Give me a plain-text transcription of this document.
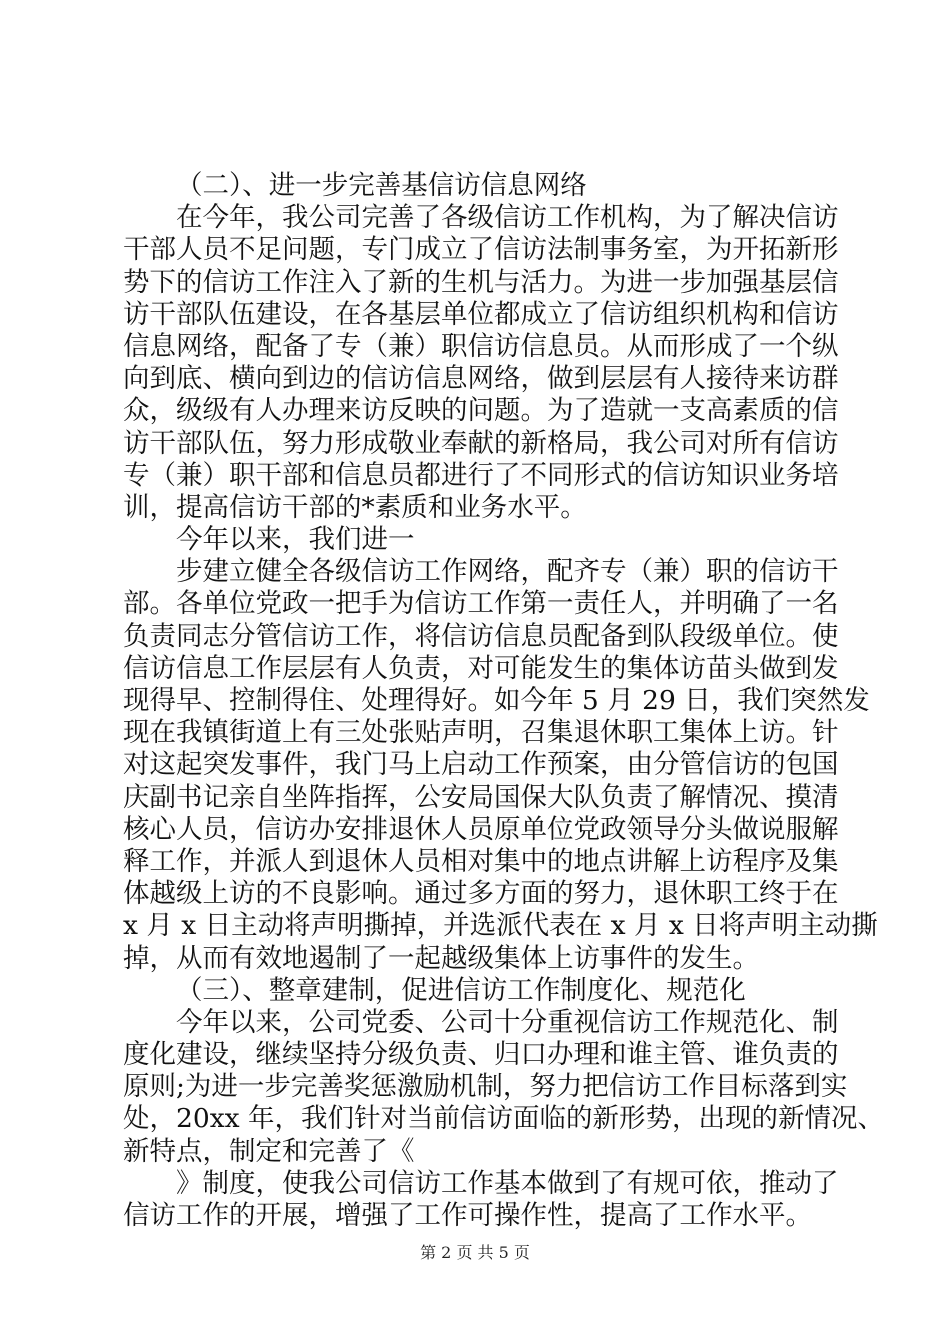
（二）、进一步完善基信访信息网络
在今年，我公司完善了各级信访工作机构，为了解决信访
干部人员不足问题，专门成立了信访法制事务室，为开拓新形
势下的信访工作注入了新的生机与活力。为进一步加强基层信
访干部队伍建设，在各基层单位都成立了信访组织机构和信访
信息网络，配备了专（兼）职信访信息员。从而形成了一个纵
向到底、横向到边的信访信息网络，做到层层有人接待来访群
众，级级有人办理来访反映的问题。为了造就一支高素质的信
访干部队伍，努力形成敬业奉献的新格局，我公司对所有信访
专（兼）职干部和信息员都进行了不同形式的信访知识业务培
训，提高信访干部的*素质和业务水平。
今年以来，我们进一
步建立健全各级信访工作网络，配齐专（兼）职的信访干
部。各单位党政一把手为信访工作第一责任人，并明确了一名
负责同志分管信访工作，将信访信息员配备到队段级单位。使
信访信息工作层层有人负责，对可能发生的集体访苗头做到发
现得早、控制得住、处理得好。如今年 5 月 29 日，我们突然发
现在我镇街道上有三处张贴声明，召集退休职工集体上访。针
对这起突发事件，我门马上启动工作预案，由分管信访的包国
庆副书记亲自坐阵指挥，公安局国保大队负责了解情况、摸清
核心人员，信访办安排退休人员原单位党政领导分头做说服解
释工作，并派人到退休人员相对集中的地点讲解上访程序及集
体越级上访的不良影响。通过多方面的努力，退休职工终于在
x 月 x 日主动将声明撕掉，并选派代表在 x 月 x 日将声明主动撕
掉，从而有效地遏制了一起越级集体上访事件的发生。
（三）、整章建制，促进信访工作制度化、规范化
今年以来，公司党委、公司十分重视信访工作规范化、制
度化建设，继续坚持分级负责、归口办理和谁主管、谁负责的
原则;为进一步完善奖惩激励机制，努力把信访工作目标落到实
处，20xx 年，我们针对当前信访面临的新形势，出现的新情况、
新特点，制定和完善了《
》制度，使我公司信访工作基本做到了有规可依，推动了
信访工作的开展，增强了工作可操作性，提高了工作水平。
第 2 页 共 5 页
